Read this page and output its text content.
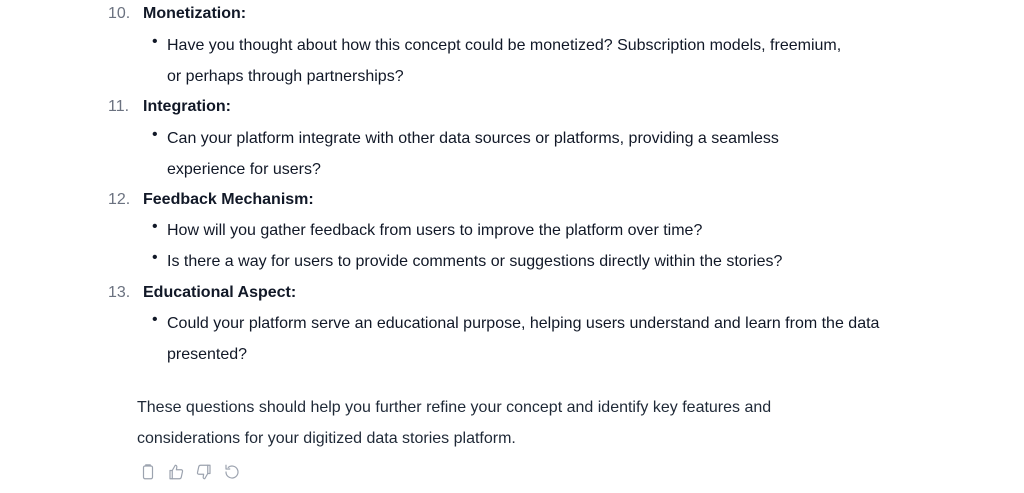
10. Monetization:
• Have you thought about how this concept could be monetized? Subscription models, freemium, or perhaps through partnerships?
11. Integration:
• Can your platform integrate with other data sources or platforms, providing a seamless experience for users?
12. Feedback Mechanism:
• How will you gather feedback from users to improve the platform over time?
• Is there a way for users to provide comments or suggestions directly within the stories?
13. Educational Aspect:
• Could your platform serve an educational purpose, helping users understand and learn from the data presented?
These questions should help you further refine your concept and identify key features and considerations for your digitized data stories platform.
